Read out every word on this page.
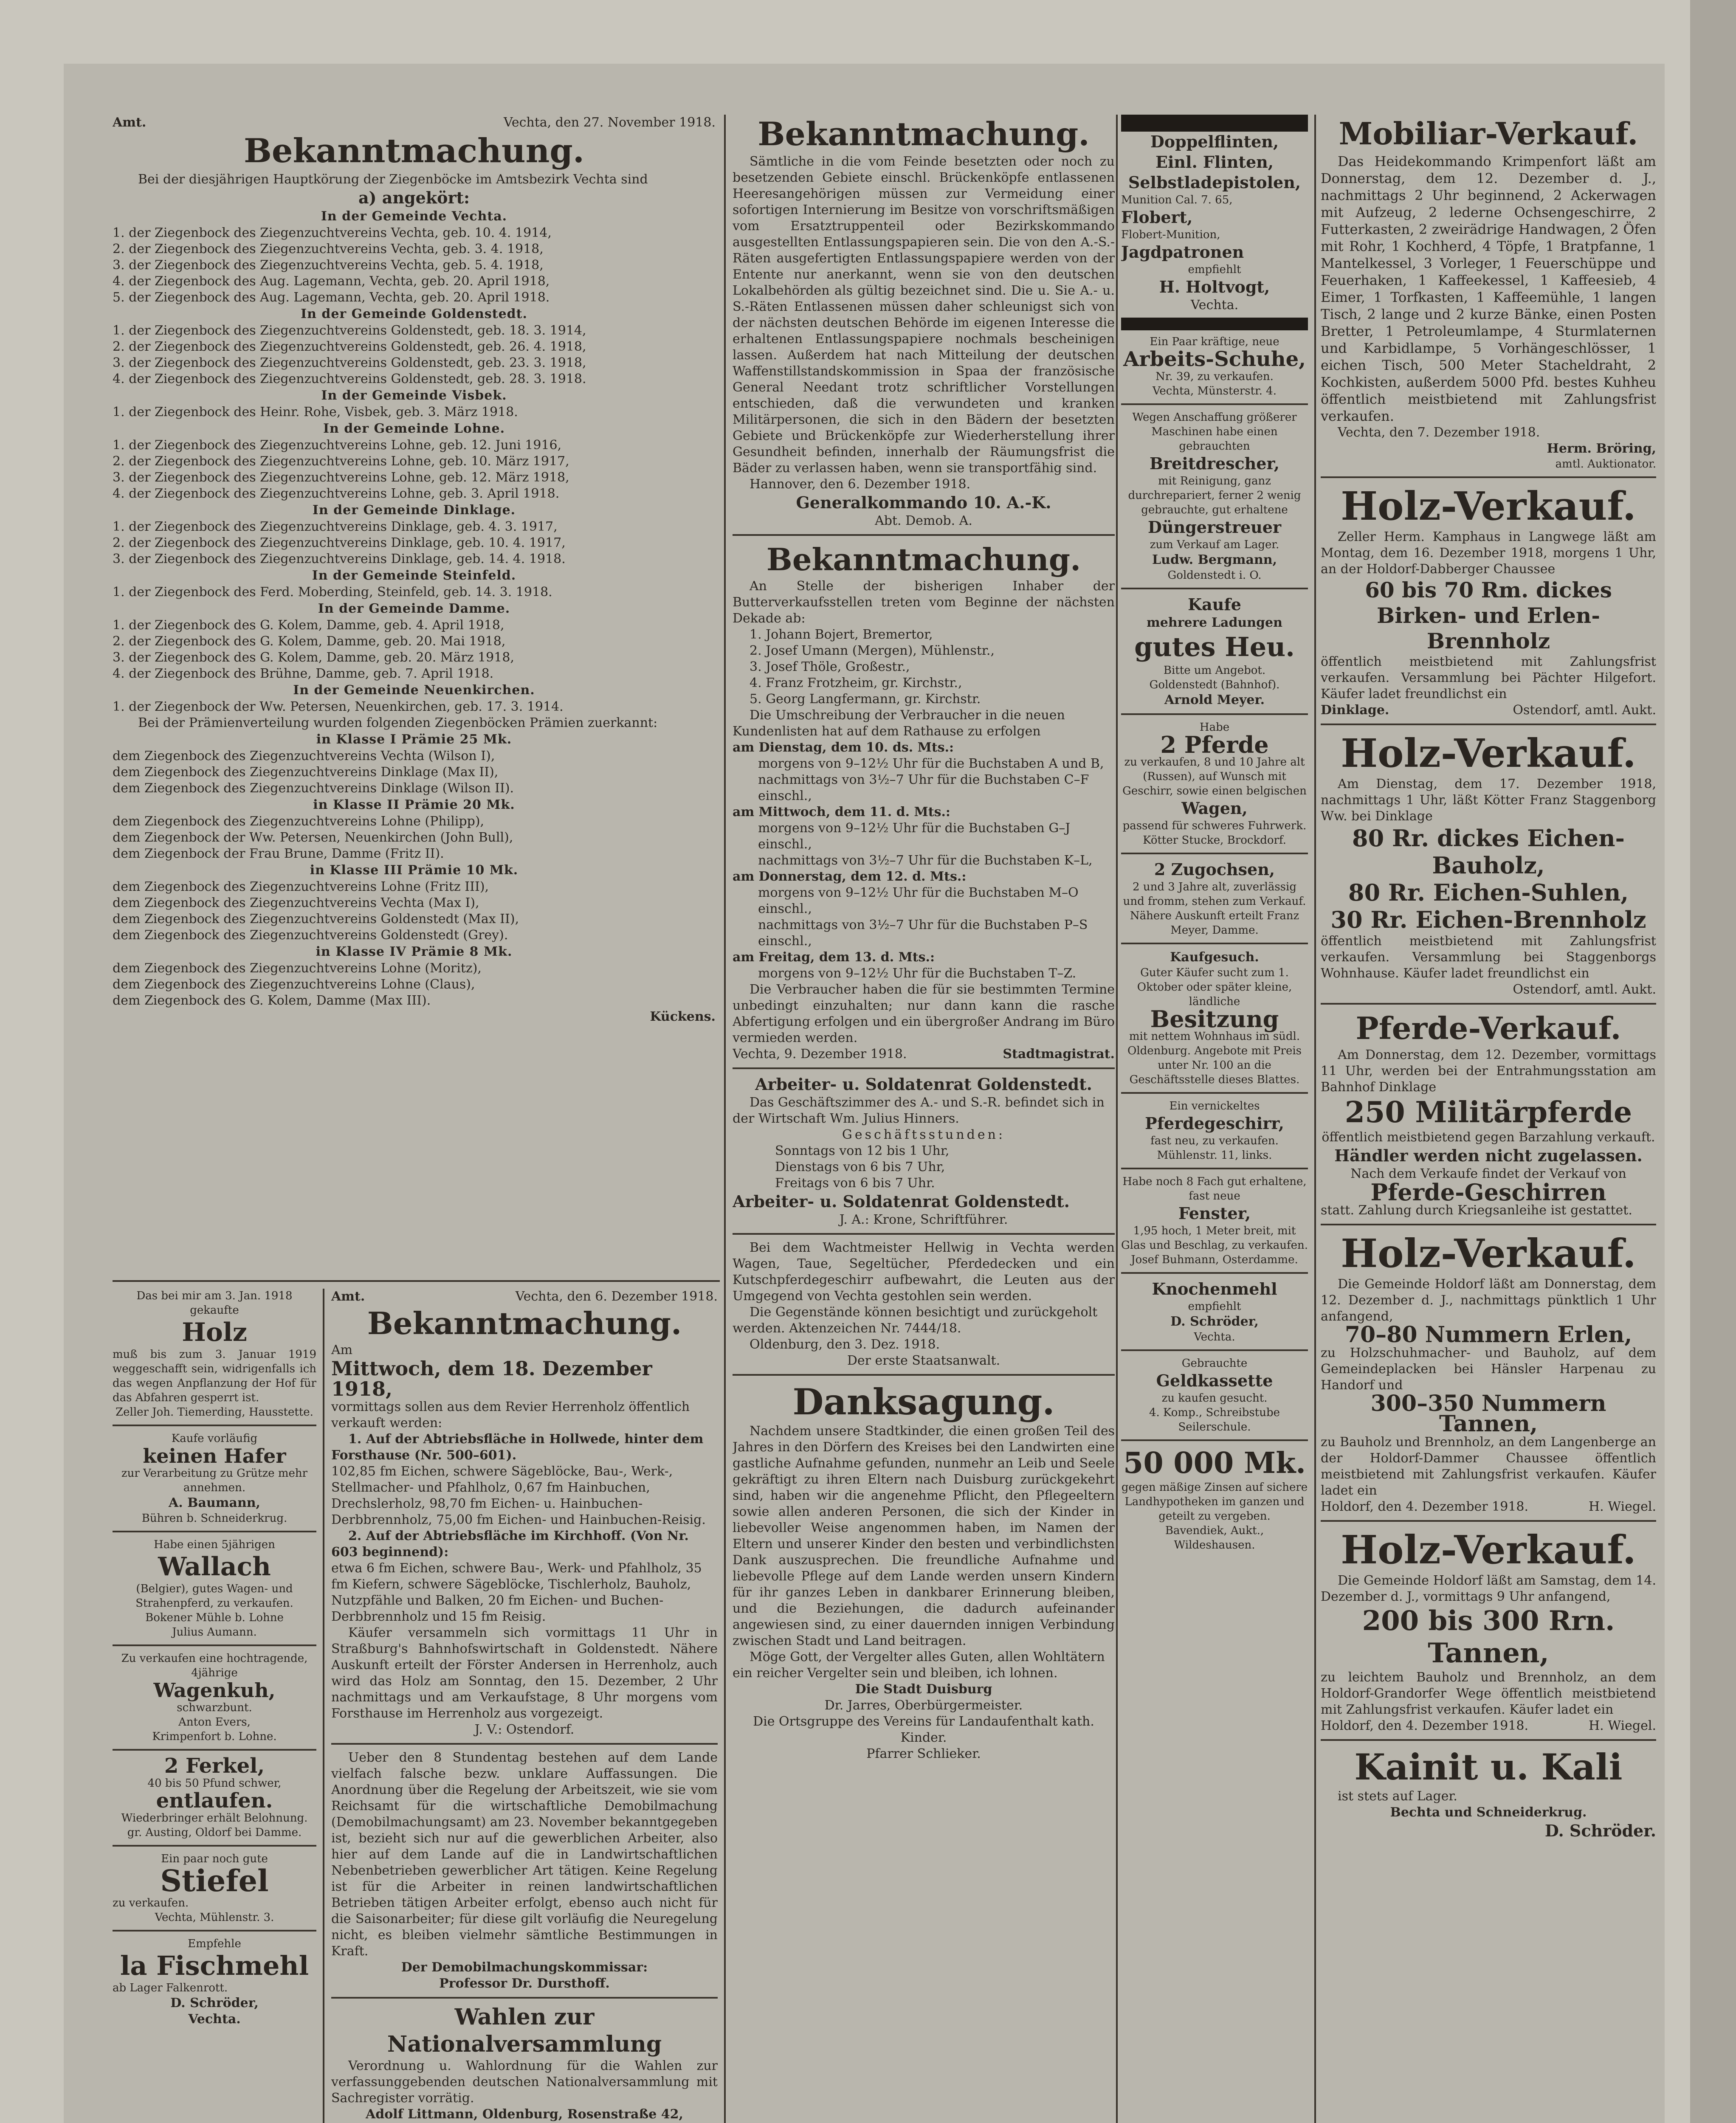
Amt.	Vechta, den 27. November 1918.
Bekanntmachung.
Bei der diesjährigen Hauptkörung der Ziegenböcke im Amtsbezirk Vechta sind
a) angekört:
In der Gemeinde Vechta.
1. der Ziegenbock des Ziegenzuchtvereins Vechta, geb. 10. 4. 1914,
2. der Ziegenbock des Ziegenzuchtvereins Vechta, geb. 3. 4. 1918,
3. der Ziegenbock des Ziegenzuchtvereins Vechta, geb. 5. 4. 1918,
4. der Ziegenbock des Aug. Lagemann, Vechta, geb. 20. April 1918,
5. der Ziegenbock des Aug. Lagemann, Vechta, geb. 20. April 1918.
In der Gemeinde Goldenstedt.
1. der Ziegenbock des Ziegenzuchtvereins Goldenstedt, geb. 18. 3. 1914,
2. der Ziegenbock des Ziegenzuchtvereins Goldenstedt, geb. 26. 4. 1918,
3. der Ziegenbock des Ziegenzuchtvereins Goldenstedt, geb. 23. 3. 1918,
4. der Ziegenbock des Ziegenzuchtvereins Goldenstedt, geb. 28. 3. 1918.
In der Gemeinde Visbek.
1. der Ziegenbock des Heinr. Rohe, Visbek, geb. 3. März 1918.
In der Gemeinde Lohne.
1. der Ziegenbock des Ziegenzuchtvereins Lohne, geb. 12. Juni 1916,
2. der Ziegenbock des Ziegenzuchtvereins Lohne, geb. 10. März 1917,
3. der Ziegenbock des Ziegenzuchtvereins Lohne, geb. 12. März 1918,
4. der Ziegenbock des Ziegenzuchtvereins Lohne, geb. 3. April 1918.
In der Gemeinde Dinklage.
1. der Ziegenbock des Ziegenzuchtvereins Dinklage, geb. 4. 3. 1917,
2. der Ziegenbock des Ziegenzuchtvereins Dinklage, geb. 10. 4. 1917,
3. der Ziegenbock des Ziegenzuchtvereins Dinklage, geb. 14. 4. 1918.
In der Gemeinde Steinfeld.
1. der Ziegenbock des Ferd. Moberding, Steinfeld, geb. 14. 3. 1918.
In der Gemeinde Damme.
1. der Ziegenbock des G. Kolem, Damme, geb. 4. April 1918,
2. der Ziegenbock des G. Kolem, Damme, geb. 20. Mai 1918,
3. der Ziegenbock des G. Kolem, Damme, geb. 20. März 1918,
4. der Ziegenbock des Brühne, Damme, geb. 7. April 1918.
In der Gemeinde Neuenkirchen.
1. der Ziegenbock der Ww. Petersen, Neuenkirchen, geb. 17. 3. 1914.
Bei der Prämienverteilung wurden folgenden Ziegenböcken Prämien zuerkannt:
in Klasse I Prämie 25 Mk.
dem Ziegenbock des Ziegenzuchtvereins Vechta (Wilson I),
dem Ziegenbock des Ziegenzuchtvereins Dinklage (Max II),
dem Ziegenbock des Ziegenzuchtvereins Dinklage (Wilson II).
in Klasse II Prämie 20 Mk.
dem Ziegenbock des Ziegenzuchtvereins Lohne (Philipp),
dem Ziegenbock der Ww. Petersen, Neuenkirchen (John Bull),
dem Ziegenbock der Frau Brune, Damme (Fritz II).
in Klasse III Prämie 10 Mk.
dem Ziegenbock des Ziegenzuchtvereins Lohne (Fritz III),
dem Ziegenbock des Ziegenzuchtvereins Vechta (Max I),
dem Ziegenbock des Ziegenzuchtvereins Goldenstedt (Max II),
dem Ziegenbock des Ziegenzuchtvereins Goldenstedt (Grey).
in Klasse IV Prämie 8 Mk.
dem Ziegenbock des Ziegenzuchtvereins Lohne (Moritz),
dem Ziegenbock des Ziegenzuchtvereins Lohne (Claus),
dem Ziegenbock des G. Kolem, Damme (Max III).
Kückens.
Bekanntmachung.
Sämtliche in die vom Feinde besetzten oder noch zu besetzenden Gebiete einschl. Brückenköpfe entlassenen Heeresangehörigen müssen zur Vermeidung einer sofortigen Internierung im Besitze von vorschriftsmäßigen vom Ersatztruppenteil oder Bezirkskommando ausgestellten Entlassungspapieren sein. Die von den A.-S.-Räten ausgefertigten Entlassungspapiere werden von der Entente nur anerkannt, wenn sie von den deutschen Lokalbehörden als gültig bezeichnet sind. Die u. Sie A.- u. S.-Räten Entlassenen müssen daher schleunigst sich von der nächsten deutschen Behörde im eigenen Interesse die erhaltenen Entlassungspapiere nochmals bescheinigen lassen. Außerdem hat nach Mitteilung der deutschen Waffenstillstandskommission in Spaa der französische General Needant trotz schriftlicher Vorstellungen entschieden, daß die verwundeten und kranken Militärpersonen, die sich in den Bädern der besetzten Gebiete und Brückenköpfe zur Wiederherstellung ihrer Gesundheit befinden, innerhalb der Räumungsfrist die Bäder zu verlassen haben, wenn sie transportfähig sind.
Hannover, den 6. Dezember 1918.
Generalkommando 10. A.-K.
Abt. Demob. A.
Bekanntmachung.
An Stelle der bisherigen Inhaber der Butterverkaufsstellen treten vom Beginne der nächsten Dekade ab:
1. Johann Bojert, Bremertor,
2. Josef Umann (Mergen), Mühlenstr.,
3. Josef Thöle, Großestr.,
4. Franz Frotzheim, gr. Kirchstr.,
5. Georg Langfermann, gr. Kirchstr.
Die Umschreibung der Verbraucher in die neuen Kundenlisten hat auf dem Rathause zu erfolgen
am Dienstag, dem 10. ds. Mts.:
morgens von 9–12½ Uhr für die Buchstaben A und B,
nachmittags von 3½–7 Uhr für die Buchstaben C–F einschl.,
am Mittwoch, dem 11. d. Mts.:
morgens von 9–12½ Uhr für die Buchstaben G–J einschl.,
nachmittags von 3½–7 Uhr für die Buchstaben K–L,
am Donnerstag, dem 12. d. Mts.:
morgens von 9–12½ Uhr für die Buchstaben M–O einschl.,
nachmittags von 3½–7 Uhr für die Buchstaben P–S einschl.,
am Freitag, dem 13. d. Mts.:
morgens von 9–12½ Uhr für die Buchstaben T–Z.
Die Verbraucher haben die für sie bestimmten Termine unbedingt einzuhalten; nur dann kann die rasche Abfertigung erfolgen und ein übergroßer Andrang im Büro vermieden werden.
Vechta, 9. Dezember 1918.	Stadtmagistrat.
Arbeiter- u. Soldatenrat Goldenstedt.
Das Geschäftszimmer des A.- und S.-R. befindet sich in der Wirtschaft Wm. Julius Hinners.
Geschäftsstunden:
Sonntags von 12 bis 1 Uhr,
Dienstags von 6 bis 7 Uhr,
Freitags von 6 bis 7 Uhr.
Arbeiter- u. Soldatenrat Goldenstedt.
J. A.: Krone, Schriftführer.
Bei dem Wachtmeister Hellwig in Vechta werden Wagen, Taue, Segeltücher, Pferdedecken und ein Kutschpferdegeschirr aufbewahrt, die Leuten aus der Umgegend von Vechta gestohlen sein werden.
Die Gegenstände können besichtigt und zurückgeholt werden. Aktenzeichen Nr. 7444/18.
Oldenburg, den 3. Dez. 1918.
Der erste Staatsanwalt.
Danksagung.
Nachdem unsere Stadtkinder, die einen großen Teil des Jahres in den Dörfern des Kreises bei den Landwirten eine gastliche Aufnahme gefunden, nunmehr an Leib und Seele gekräftigt zu ihren Eltern nach Duisburg zurückgekehrt sind, haben wir die angenehme Pflicht, den Pflegeeltern sowie allen anderen Personen, die sich der Kinder in liebevoller Weise angenommen haben, im Namen der Eltern und unserer Kinder den besten und verbindlichsten Dank auszusprechen. Die freundliche Aufnahme und liebevolle Pflege auf dem Lande werden unsern Kindern für ihr ganzes Leben in dankbarer Erinnerung bleiben, und die Beziehungen, die dadurch aufeinander angewiesen sind, zu einer dauernden innigen Verbindung zwischen Stadt und Land beitragen.
Möge Gott, der Vergelter alles Guten, allen Wohltätern ein reicher Vergelter sein und bleiben, ich lohnen.
Die Stadt Duisburg
Dr. Jarres, Oberbürgermeister.
Die Ortsgruppe des Vereins für Landaufenthalt kath. Kinder.
Pfarrer Schlieker.
Doppelflinten,
Einl. Flinten,
Selbstladepistolen,
Munition Cal. 7. 65,
Flobert,
Flobert-Munition,
Jagdpatronen
empfiehlt
H. Holtvogt,
Vechta.
Ein Paar kräftige, neue
Arbeits-Schuhe,
Nr. 39, zu verkaufen.
Vechta, Münsterstr. 4.
Wegen Anschaffung größerer Maschinen habe einen gebrauchten
Breitdrescher,
mit Reinigung, ganz durchrepariert, ferner 2 wenig gebrauchte, gut erhaltene
Düngerstreuer
zum Verkauf am Lager.
Ludw. Bergmann,
Goldenstedt i. O.
Kaufe
mehrere Ladungen
gutes Heu.
Bitte um Angebot.
Goldenstedt (Bahnhof).
Arnold Meyer.
Habe
2 Pferde
zu verkaufen, 8 und 10 Jahre alt (Russen), auf Wunsch mit Geschirr, sowie einen belgischen
Wagen,
passend für schweres Fuhrwerk.
Kötter Stucke, Brockdorf.
2 Zugochsen,
2 und 3 Jahre alt, zuverlässig und fromm, stehen zum Verkauf.
Nähere Auskunft erteilt Franz Meyer, Damme.
Kaufgesuch.
Guter Käufer sucht zum 1. Oktober oder später kleine, ländliche
Besitzung
mit nettem Wohnhaus im südl. Oldenburg. Angebote mit Preis unter Nr. 100 an die Geschäftsstelle dieses Blattes.
Ein vernickeltes
Pferdegeschirr,
fast neu, zu verkaufen.
Mühlenstr. 11, links.
Habe noch 8 Fach gut erhaltene, fast neue
Fenster,
1,95 hoch, 1 Meter breit, mit Glas und Beschlag, zu verkaufen.
Josef Buhmann, Osterdamme.
Knochenmehl
empfiehlt
D. Schröder,
Vechta.
Gebrauchte
Geldkassette
zu kaufen gesucht.
4. Komp., Schreibstube Seilerschule.
50 000 Mk.
gegen mäßige Zinsen auf sichere Landhypotheken im ganzen und geteilt zu vergeben.
Bavendiek, Aukt.,
Wildeshausen.
Mobiliar-Verkauf.
Das Heidekommando Krimpenfort läßt am Donnerstag, dem 12. Dezember d. J., nachmittags 2 Uhr beginnend, 2 Ackerwagen mit Aufzeug, 2 lederne Ochsengeschirre, 2 Futterkasten, 2 zweirädrige Handwagen, 2 Öfen mit Rohr, 1 Kochherd, 4 Töpfe, 1 Bratpfanne, 1 Mantelkessel, 3 Vorleger, 1 Feuerschüppe und Feuerhaken, 1 Kaffeekessel, 1 Kaffeesieb, 4 Eimer, 1 Torfkasten, 1 Kaffeemühle, 1 langen Tisch, 2 lange und 2 kurze Bänke, einen Posten Bretter, 1 Petroleumlampe, 4 Sturmlaternen und Karbidlampe, 5 Vorhängeschlösser, 1 eichen Tisch, 500 Meter Stacheldraht, 2 Kochkisten, außerdem 5000 Pfd. bestes Kuhheu öffentlich meistbietend mit Zahlungsfrist verkaufen.
Vechta, den 7. Dezember 1918.
Herm. Bröring,
amtl. Auktionator.
Holz-Verkauf.
Zeller Herm. Kamphaus in Langwege läßt am Montag, dem 16. Dezember 1918, morgens 1 Uhr, an der Holdorf-Dabberger Chaussee
60 bis 70 Rm. dickes Birken- und Erlen-Brennholz
öffentlich meistbietend mit Zahlungsfrist verkaufen. Versammlung bei Pächter Hilgefort. Käufer ladet freundlichst ein
Dinklage.	Ostendorf, amtl. Aukt.
Holz-Verkauf.
Am Dienstag, dem 17. Dezember 1918, nachmittags 1 Uhr, läßt Kötter Franz Staggenborg Ww. bei Dinklage
80 Rr. dickes Eichen-Bauholz,
80 Rr. Eichen-Suhlen,
30 Rr. Eichen-Brennholz
öffentlich meistbietend mit Zahlungsfrist verkaufen. Versammlung bei Staggenborgs Wohnhause. Käufer ladet freundlichst ein
Ostendorf, amtl. Aukt.
Pferde-Verkauf.
Am Donnerstag, dem 12. Dezember, vormittags 11 Uhr, werden bei der Entrahmungsstation am Bahnhof Dinklage
250 Militärpferde
öffentlich meistbietend gegen Barzahlung verkauft.
Händler werden nicht zugelassen.
Nach dem Verkaufe findet der Verkauf von
Pferde-Geschirren
statt. Zahlung durch Kriegsanleihe ist gestattet.
Holz-Verkauf.
Die Gemeinde Holdorf läßt am Donnerstag, dem 12. Dezember d. J., nachmittags pünktlich 1 Uhr anfangend,
70–80 Nummern Erlen,
zu Holzschuhmacher- und Bauholz, auf dem Gemeindeplacken bei Hänsler Harpenau zu Handorf und
300–350 Nummern Tannen,
zu Bauholz und Brennholz, an dem Langenberge an der Holdorf-Dammer Chaussee öffentlich meistbietend mit Zahlungsfrist verkaufen. Käufer ladet ein
Holdorf, den 4. Dezember 1918.	H. Wiegel.
Holz-Verkauf.
Die Gemeinde Holdorf läßt am Samstag, dem 14. Dezember d. J., vormittags 9 Uhr anfangend,
200 bis 300 Rrn. Tannen,
zu leichtem Bauholz und Brennholz, an dem Holdorf-Grandorfer Wege öffentlich meistbietend mit Zahlungsfrist verkaufen. Käufer ladet ein
Holdorf, den 4. Dezember 1918.	H. Wiegel.
Kainit u. Kali
ist stets auf Lager.
Bechta und Schneiderkrug.
D. Schröder.
Das bei mir am 3. Jan. 1918 gekaufte
Holz
muß bis zum 3. Januar 1919 weggeschafft sein, widrigenfalls ich das wegen Anpflanzung der Hof für das Abfahren gesperrt ist.
Zeller Joh. Tiemerding, Hausstette.
Kaufe vorläufig
keinen Hafer
zur Verarbeitung zu Grütze mehr annehmen.
A. Baumann,
Bühren b. Schneiderkrug.
Habe einen 5jährigen
Wallach
(Belgier), gutes Wagen- und Strahenpferd, zu verkaufen.
Bokener Mühle b. Lohne
Julius Aumann.
Zu verkaufen eine hochtragende, 4jährige
Wagenkuh,
schwarzbunt.
Anton Evers,
Krimpenfort b. Lohne.
2 Ferkel,
40 bis 50 Pfund schwer,
entlaufen.
Wiederbringer erhält Belohnung.
gr. Austing, Oldorf bei Damme.
Ein paar noch gute
Stiefel
zu verkaufen.
Vechta, Mühlenstr. 3.
Empfehle
la Fischmehl
ab Lager Falkenrott.
D. Schröder,
Vechta.
Amt.	Vechta, den 6. Dezember 1918.
Bekanntmachung.
Am
Mittwoch, dem 18. Dezember 1918,
vormittags sollen aus dem Revier Herrenholz öffentlich verkauft werden:
1. Auf der Abtriebsfläche in Hollwede, hinter dem Forsthause (Nr. 500–601).
102,85 fm Eichen, schwere Sägeblöcke, Bau-, Werk-, Stellmacher- und Pfahlholz, 0,67 fm Hainbuchen, Drechslerholz, 98,70 fm Eichen- u. Hainbuchen-Derbbrennholz, 75,00 fm Eichen- und Hainbuchen-Reisig.
2. Auf der Abtriebsfläche im Kirchhoff. (Von Nr. 603 beginnend):
etwa 6 fm Eichen, schwere Bau-, Werk- und Pfahlholz, 35 fm Kiefern, schwere Sägeblöcke, Tischlerholz, Bauholz, Nutzpfähle und Balken, 20 fm Eichen- und Buchen-Derbbrennholz und 15 fm Reisig.
Käufer versammeln sich vormittags 11 Uhr in Straßburg's Bahnhofswirtschaft in Goldenstedt. Nähere Auskunft erteilt der Förster Andersen in Herrenholz, auch wird das Holz am Sonntag, den 15. Dezember, 2 Uhr nachmittags und am Verkaufstage, 8 Uhr morgens vom Forsthause im Herrenholz aus vorgezeigt.
J. V.: Ostendorf.
Ueber den 8 Stundentag bestehen auf dem Lande vielfach falsche bezw. unklare Auffassungen. Die Anordnung über die Regelung der Arbeitszeit, wie sie vom Reichsamt für die wirtschaftliche Demobilmachung (Demobilmachungsamt) am 23. November bekanntgegeben ist, bezieht sich nur auf die gewerblichen Arbeiter, also hier auf dem Lande auf die in Landwirtschaftlichen Nebenbetrieben gewerblicher Art tätigen. Keine Regelung ist für die Arbeiter in reinen landwirtschaftlichen Betrieben tätigen Arbeiter erfolgt, ebenso auch nicht für die Saisonarbeiter; für diese gilt vorläufig die Neuregelung nicht, es bleiben vielmehr sämtliche Bestimmungen in Kraft.
Der Demobilmachungskommissar:
Professor Dr. Dursthoff.
Wahlen zur Nationalversammlung
Verordnung u. Wahlordnung für die Wahlen zur verfassunggebenden deutschen Nationalversammlung mit Sachregister vorrätig.
Adolf Littmann, Oldenburg, Rosenstraße 42,
